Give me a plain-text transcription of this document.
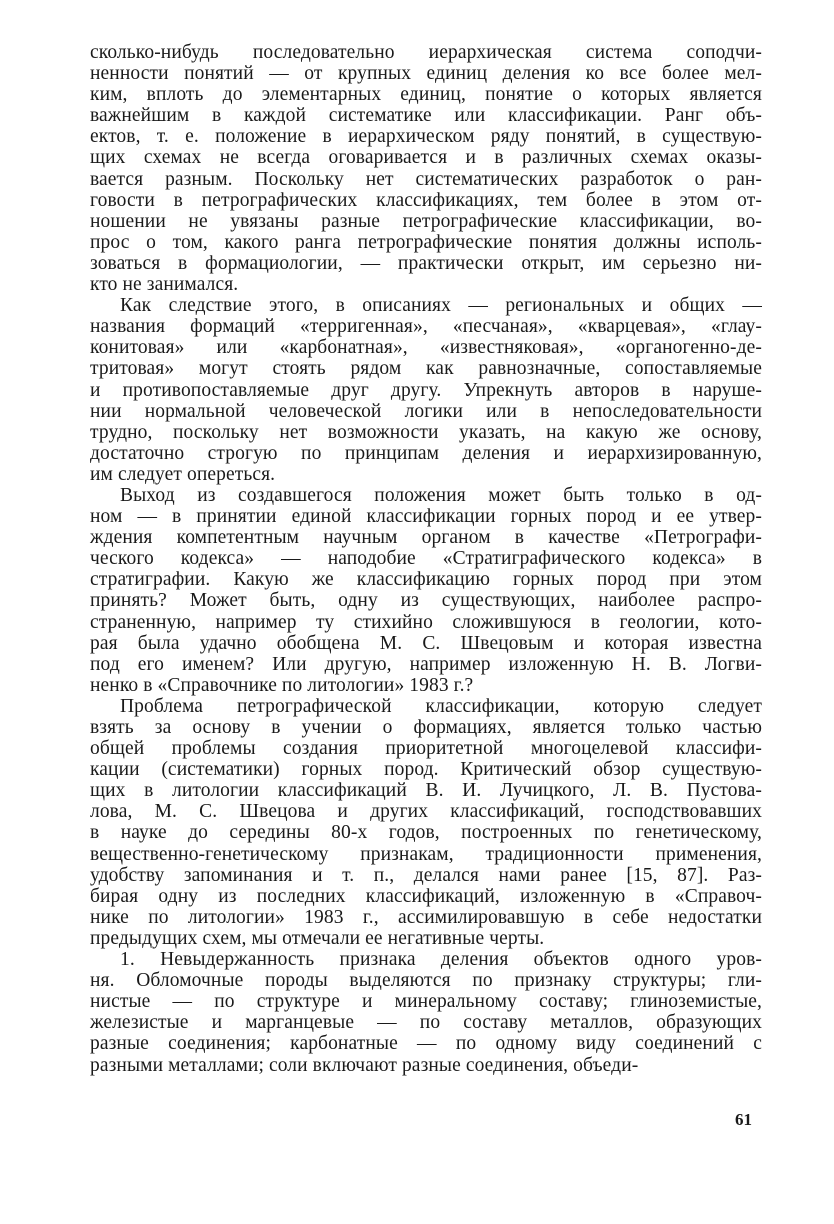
сколько-нибудь последовательно иерархическая система соподчи-
ненности понятий — от крупных единиц деления ко все более мел-
ким, вплоть до элементарных единиц, понятие о которых является
важнейшим в каждой систематике или классификации. Ранг объ-
ектов, т. е. положение в иерархическом ряду понятий, в существую-
щих схемах не всегда оговаривается и в различных схемах оказы-
вается разным. Поскольку нет систематических разработок о ран-
говости в петрографических классификациях, тем более в этом от-
ношении не увязаны разные петрографические классификации, во-
прос о том, какого ранга петрографические понятия должны исполь-
зоваться в формациологии, — практически открыт, им серьезно ни-
кто не занимался.
Как следствие этого, в описаниях — региональных и общих —
названия формаций «терригенная», «песчаная», «кварцевая», «глау-
конитовая» или «карбонатная», «известняковая», «органогенно-де-
тритовая» могут стоять рядом как равнозначные, сопоставляемые
и противопоставляемые друг другу. Упрекнуть авторов в наруше-
нии нормальной человеческой логики или в непоследовательности
трудно, поскольку нет возможности указать, на какую же основу,
достаточно строгую по принципам деления и иерархизированную,
им следует опереться.
Выход из создавшегося положения может быть только в од-
ном — в принятии единой классификации горных пород и ее утвер-
ждения компетентным научным органом в качестве «Петрографи-
ческого кодекса» — наподобие «Стратиграфического кодекса» в
стратиграфии. Какую же классификацию горных пород при этом
принять? Может быть, одну из существующих, наиболее распро-
страненную, например ту стихийно сложившуюся в геологии, кото-
рая была удачно обобщена М. С. Швецовым и которая известна
под его именем? Или другую, например изложенную Н. В. Логви-
ненко в «Справочнике по литологии» 1983 г.?
Проблема петрографической классификации, которую следует
взять за основу в учении о формациях, является только частью
общей проблемы создания приоритетной многоцелевой классифи-
кации (систематики) горных пород. Критический обзор существую-
щих в литологии классификаций В. И. Лучицкого, Л. В. Пустова-
лова, М. С. Швецова и других классификаций, господствовавших
в науке до середины 80-х годов, построенных по генетическому,
вещественно-генетическому признакам, традиционности применения,
удобству запоминания и т. п., делался нами ранее [15, 87]. Раз-
бирая одну из последних классификаций, изложенную в «Справоч-
нике по литологии» 1983 г., ассимилировавшую в себе недостатки
предыдущих схем, мы отмечали ее негативные черты.
1. Невыдержанность признака деления объектов одного уров-
ня. Обломочные породы выделяются по признаку структуры; гли-
нистые — по структуре и минеральному составу; глиноземистые,
железистые и марганцевые — по составу металлов, образующих
разные соединения; карбонатные — по одному виду соединений с
разными металлами; соли включают разные соединения, объеди-
61
